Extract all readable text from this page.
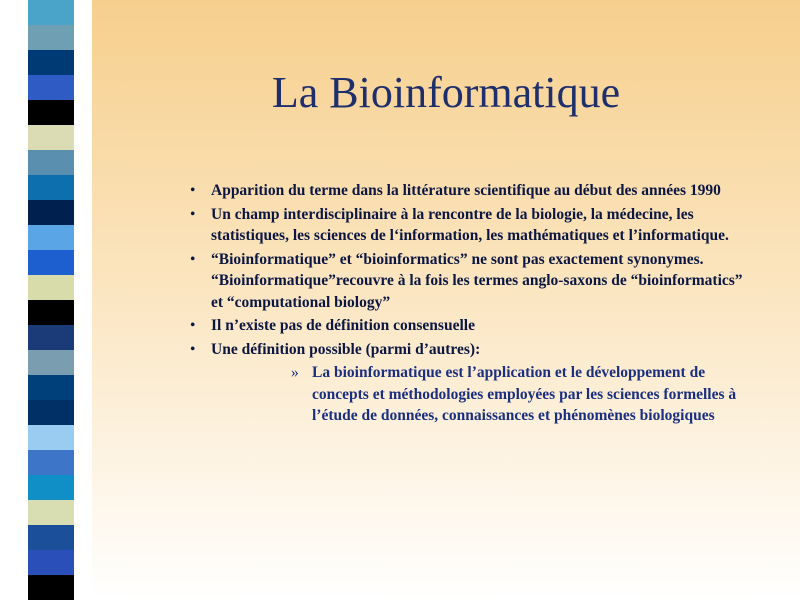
La Bioinformatique
• Apparition du terme dans la littérature scientifique au début des années 1990
• Un champ interdisciplinaire à la rencontre de la biologie, la médecine, les statistiques, les sciences de l‘information, les mathématiques et l’informatique.
• “Bioinformatique” et “bioinformatics” ne sont pas exactement synonymes. “Bioinformatique”recouvre à la fois les termes anglo-saxons de “bioinformatics” et “computational biology”
• Il n’existe pas de définition consensuelle
• Une définition possible (parmi d’autres):
» La bioinformatique est l’application et le développement de concepts et méthodologies employées par les sciences formelles à l’étude de données, connaissances et phénomènes biologiques
